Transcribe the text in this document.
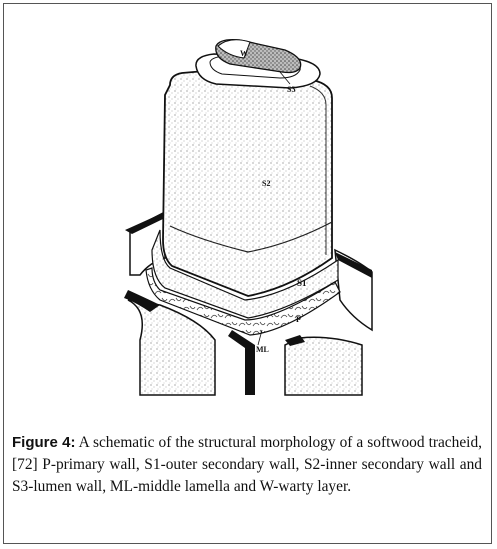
W
S3
S2
S1
P
ML
Figure 4: A schematic of the structural morphology of a softwood tracheid, [72] P-primary wall, S1-outer secondary wall, S2-inner secondary wall and S3-lumen wall, ML-middle lamella and W-warty layer.
